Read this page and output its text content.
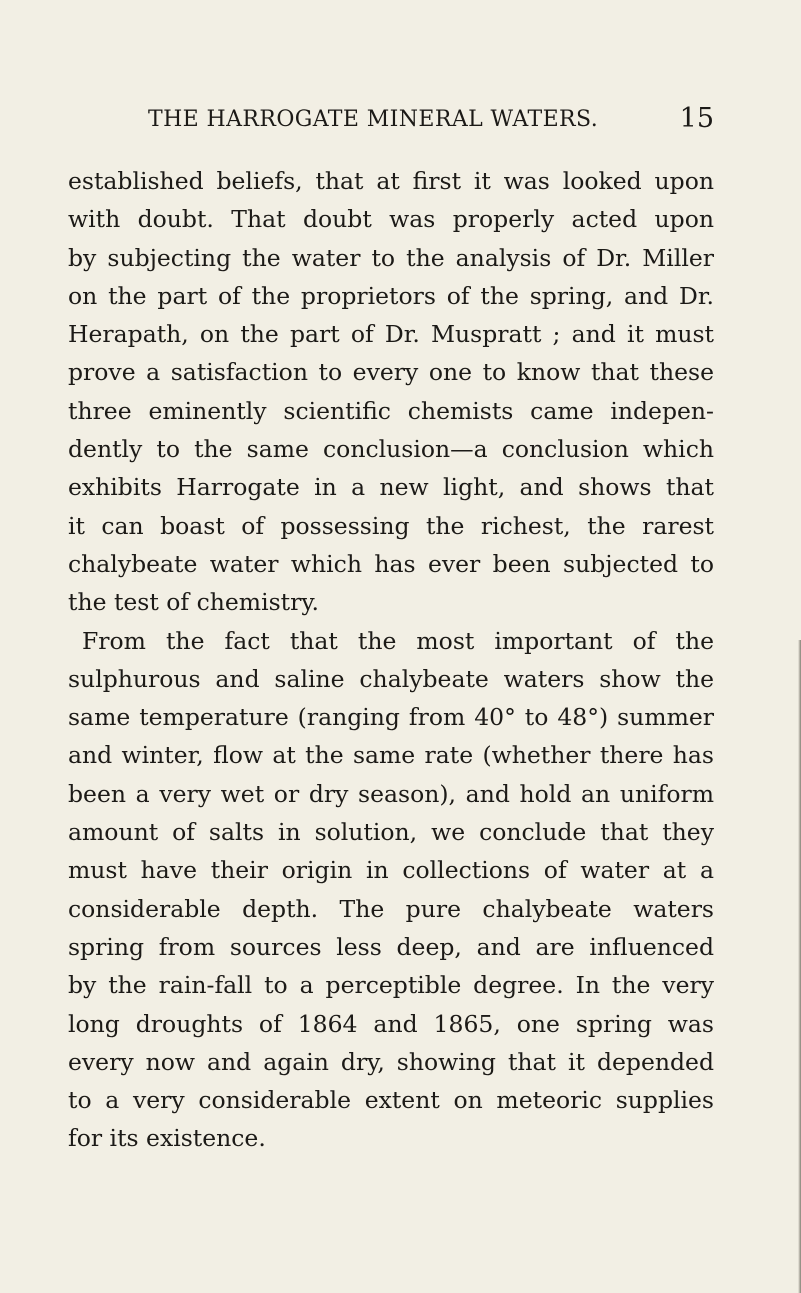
THE HARROGATE MINERAL WATERS.	15
established beliefs, that at first it was looked upon
with doubt. That doubt was properly acted upon
by subjecting the water to the analysis of Dr. Miller
on the part of the proprietors of the spring, and Dr.
Herapath, on the part of Dr. Muspratt ; and it must
prove a satisfaction to every one to know that these
three eminently scientific chemists came indepen-
dently to the same conclusion—a conclusion which
exhibits Harrogate in a new light, and shows that
it can boast of possessing the richest, the rarest
chalybeate water which has ever been subjected to
the test of chemistry.
From the fact that the most important of the
sulphurous and saline chalybeate waters show the
same temperature (ranging from 40° to 48°) summer
and winter, flow at the same rate (whether there has
been a very wet or dry season), and hold an uniform
amount of salts in solution, we conclude that they
must have their origin in collections of water at a
considerable depth. The pure chalybeate waters
spring from sources less deep, and are influenced
by the rain-fall to a perceptible degree. In the very
long droughts of 1864 and 1865, one spring was
every now and again dry, showing that it depended
to a very considerable extent on meteoric supplies
for its existence.
